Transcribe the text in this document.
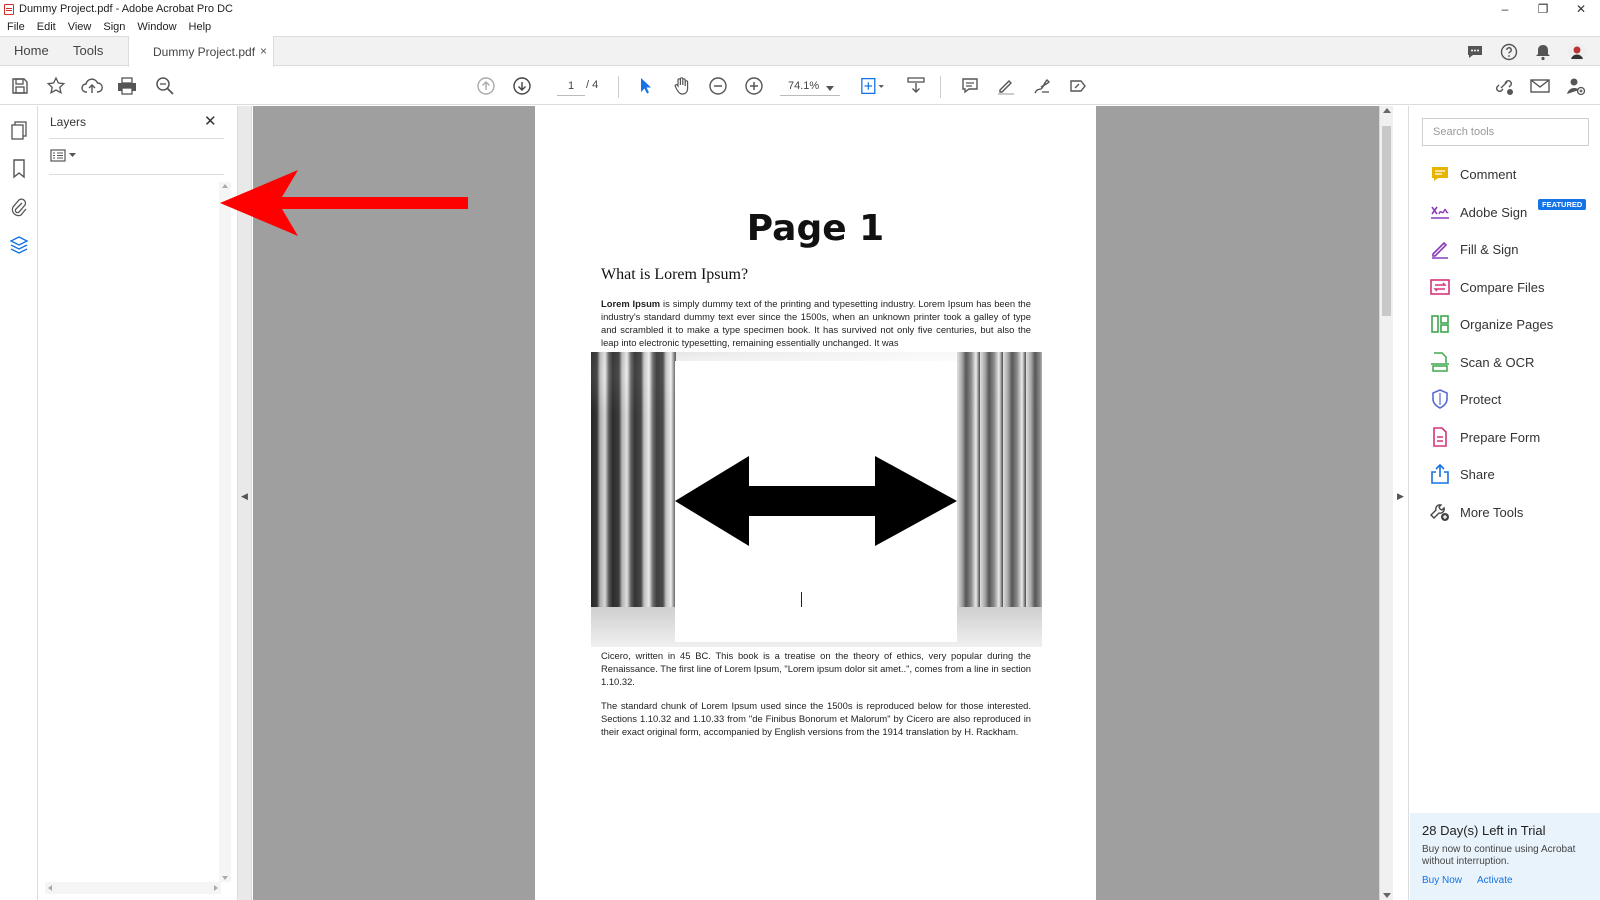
Dummy Project.pdf - Adobe Acrobat Pro DC	–	❐	✕
File Edit View Sign Window Help
Home Tools	Dummy Project.pdf ×
1	/ 4	74.1%
Layers	✕
◀
Page 1
What is Lorem Ipsum?
Lorem Ipsum is simply dummy text of the printing and typesetting industry. Lorem Ipsum has been the industry's standard dummy text ever since the 1500s, when an unknown printer took a galley of type and scrambled it to make a type specimen book. It has survived not only five centuries, but also the leap into electronic typesetting, remaining essentially unchanged. It was
Cicero, written in 45 BC. This book is a treatise on the theory of ethics, very popular during the Renaissance. The first line of Lorem Ipsum, "Lorem ipsum dolor sit amet..", comes from a line in section 1.10.32.
The standard chunk of Lorem Ipsum used since the 1500s is reproduced below for those interested. Sections 1.10.32 and 1.10.33 from "de Finibus Bonorum et Malorum" by Cicero are also reproduced in their exact original form, accompanied by English versions from the 1914 translation by H. Rackham.
▶
Search tools
Comment
Adobe Sign	FEATURED
Fill & Sign
Compare Files
Organize Pages
Scan & OCR
Protect
Prepare Form
Share
More Tools
28 Day(s) Left in Trial
Buy now to continue using Acrobat without interruption.
Buy Now Activate
